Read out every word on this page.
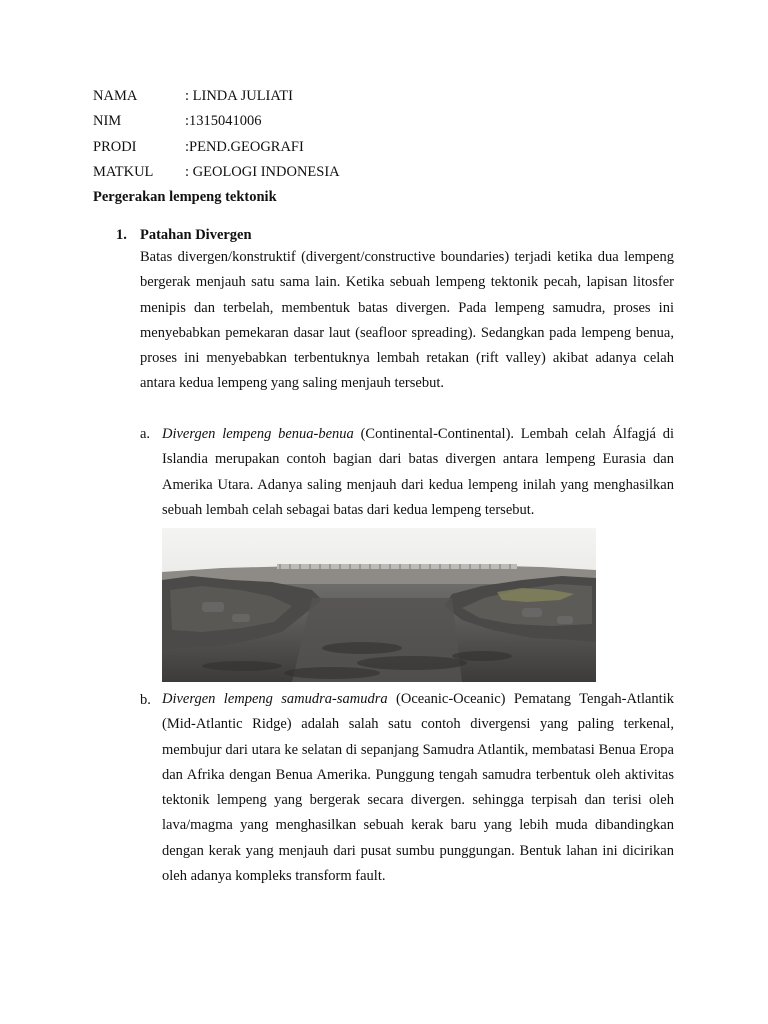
NAMA	: LINDA JULIATI
NIM	:1315041006
PRODI	:PEND.GEOGRAFI
MATKUL : GEOLOGI INDONESIA
Pergerakan lempeng tektonik
1. Patahan Divergen

Batas divergen/konstruktif (divergent/constructive boundaries) terjadi ketika dua lempeng bergerak menjauh satu sama lain. Ketika sebuah lempeng tektonik pecah, lapisan litosfer menipis dan terbelah, membentuk batas divergen. Pada lempeng samudra, proses ini menyebabkan pemekaran dasar laut (seafloor spreading). Sedangkan pada lempeng benua, proses ini menyebabkan terbentuknya lembah retakan (rift valley) akibat adanya celah antara kedua lempeng yang saling menjauh tersebut.

a. Divergen lempeng benua-benua (Continental-Continental). Lembah celah Álfagjá di Islandia merupakan contoh bagian dari batas divergen antara lempeng Eurasia dan Amerika Utara. Adanya saling menjauh dari kedua lempeng inilah yang menghasilkan sebuah lembah celah sebagai batas dari kedua lempeng tersebut.

b. Divergen lempeng samudra-samudra (Oceanic-Oceanic) Pematang Tengah-Atlantik (Mid-Atlantic Ridge) adalah salah satu contoh divergensi yang paling terkenal, membujur dari utara ke selatan di sepanjang Samudra Atlantik, membatasi Benua Eropa dan Afrika dengan Benua Amerika. Punggung tengah samudra terbentuk oleh aktivitas tektonik lempeng yang bergerak secara divergen. sehingga terpisah dan terisi oleh lava/magma yang menghasilkan sebuah kerak baru yang lebih muda dibandingkan dengan kerak yang menjauh dari pusat sumbu punggungan. Bentuk lahan ini dicirikan oleh adanya kompleks transform fault.
